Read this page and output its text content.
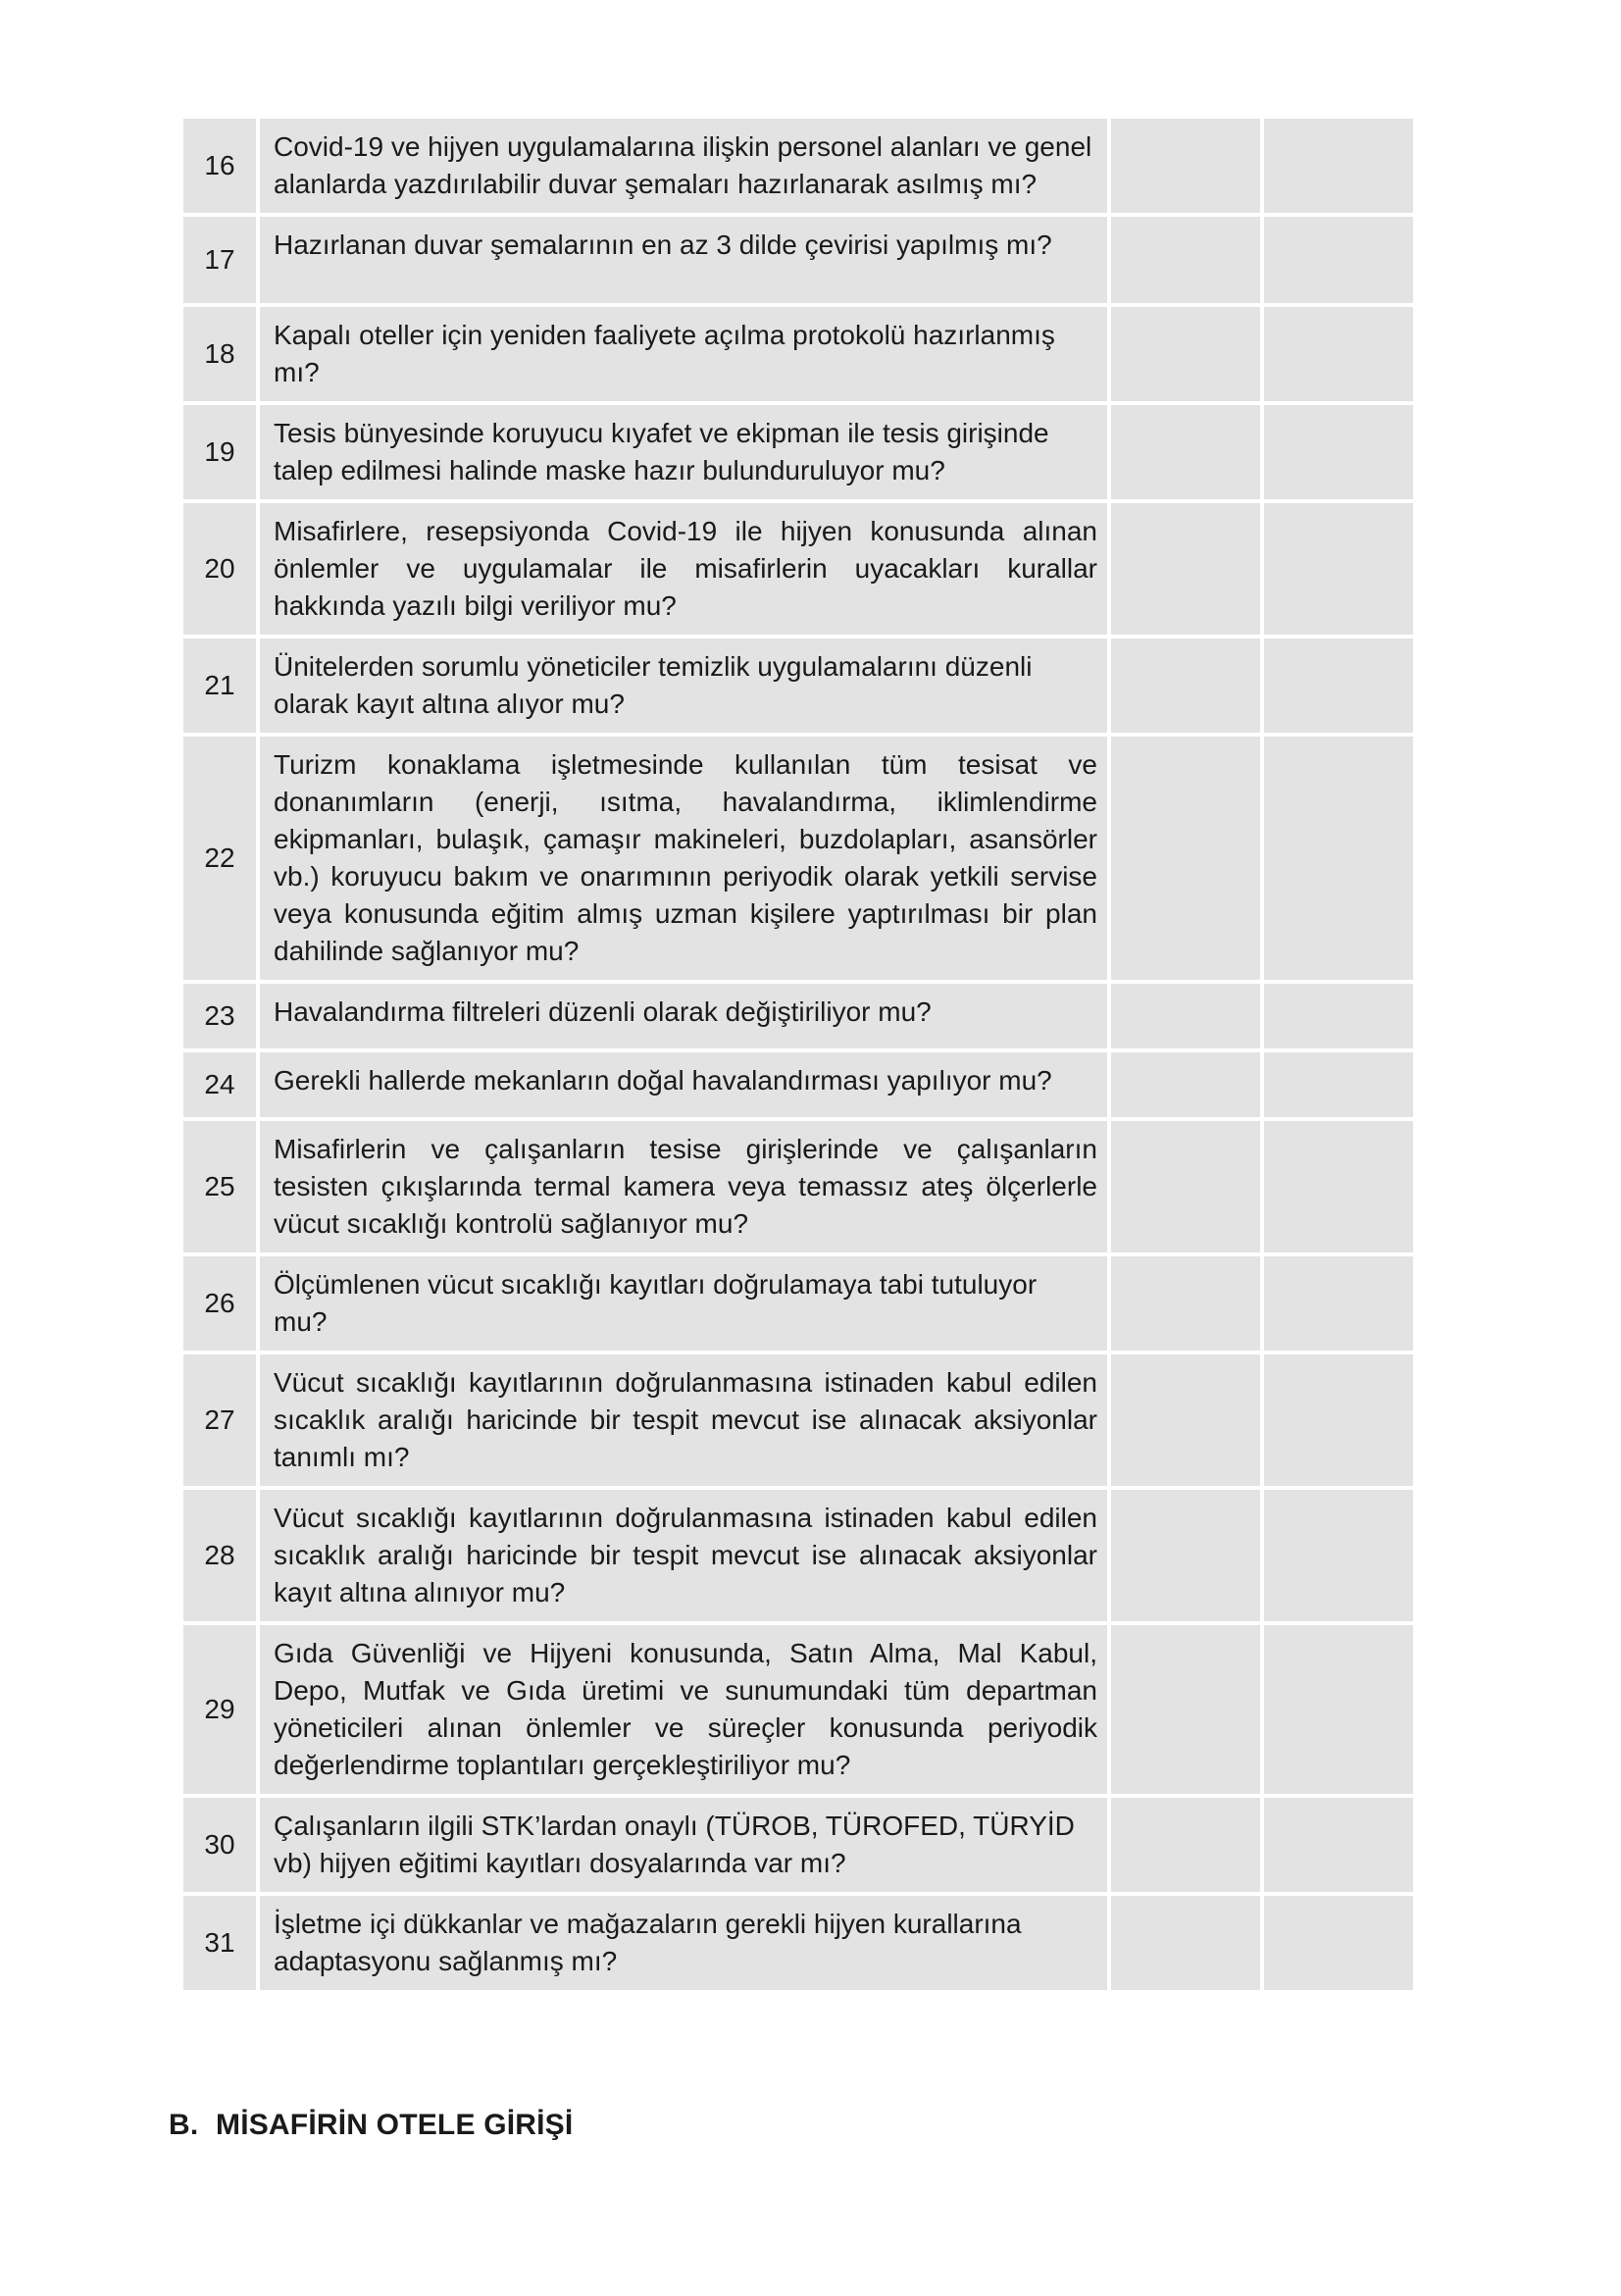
16	Covid-19 ve hijyen uygulamalarına ilişkin personel alanları ve genel alanlarda yazdırılabilir duvar şemaları hazırlanarak asılmış mı?		
17	Hazırlanan duvar şemalarının en az 3 dilde çevirisi yapılmış mı?		
18	Kapalı oteller için yeniden faaliyete açılma protokolü hazırlanmış mı?		
19	Tesis bünyesinde koruyucu kıyafet ve ekipman ile tesis girişinde talep edilmesi halinde maske hazır bulunduruluyor mu?		
20	Misafirlere, resepsiyonda Covid-19 ile hijyen konusunda alınan önlemler ve uygulamalar ile misafirlerin uyacakları kurallar hakkında yazılı bilgi veriliyor mu?		
21	Ünitelerden sorumlu yöneticiler temizlik uygulamalarını düzenli olarak kayıt altına alıyor mu?		
22	Turizm konaklama işletmesinde kullanılan tüm tesisat ve donanımların (enerji, ısıtma, havalandırma, iklimlendirme ekipmanları, bulaşık, çamaşır makineleri, buzdolapları, asansörler vb.) koruyucu bakım ve onarımının periyodik olarak yetkili servise veya konusunda eğitim almış uzman kişilere yaptırılması bir plan dahilinde sağlanıyor mu?		
23	Havalandırma filtreleri düzenli olarak değiştiriliyor mu?		
24	Gerekli hallerde mekanların doğal havalandırması yapılıyor mu?		
25	Misafirlerin ve çalışanların tesise girişlerinde ve çalışanların tesisten çıkışlarında termal kamera veya temassız ateş ölçerlerle vücut sıcaklığı kontrolü sağlanıyor mu?		
26	Ölçümlenen vücut sıcaklığı kayıtları doğrulamaya tabi tutuluyor mu?		
27	Vücut sıcaklığı kayıtlarının doğrulanmasına istinaden kabul edilen sıcaklık aralığı haricinde bir tespit mevcut ise alınacak aksiyonlar tanımlı mı?		
28	Vücut sıcaklığı kayıtlarının doğrulanmasına istinaden kabul edilen sıcaklık aralığı haricinde bir tespit mevcut ise alınacak aksiyonlar kayıt altına alınıyor mu?		
29	Gıda Güvenliği ve Hijyeni konusunda, Satın Alma, Mal Kabul, Depo, Mutfak ve Gıda üretimi ve sunumundaki tüm departman yöneticileri alınan önlemler ve süreçler konusunda periyodik değerlendirme toplantıları gerçekleştiriliyor mu?		
30	Çalışanların ilgili STK’lardan onaylı (TÜROB, TÜROFED, TÜRYİD vb) hijyen eğitimi kayıtları dosyalarında var mı?		
31	İşletme içi dükkanlar ve mağazaların gerekli hijyen kurallarına adaptasyonu sağlanmış mı?		
B. MİSAFİRİN OTELE GİRİŞİ
